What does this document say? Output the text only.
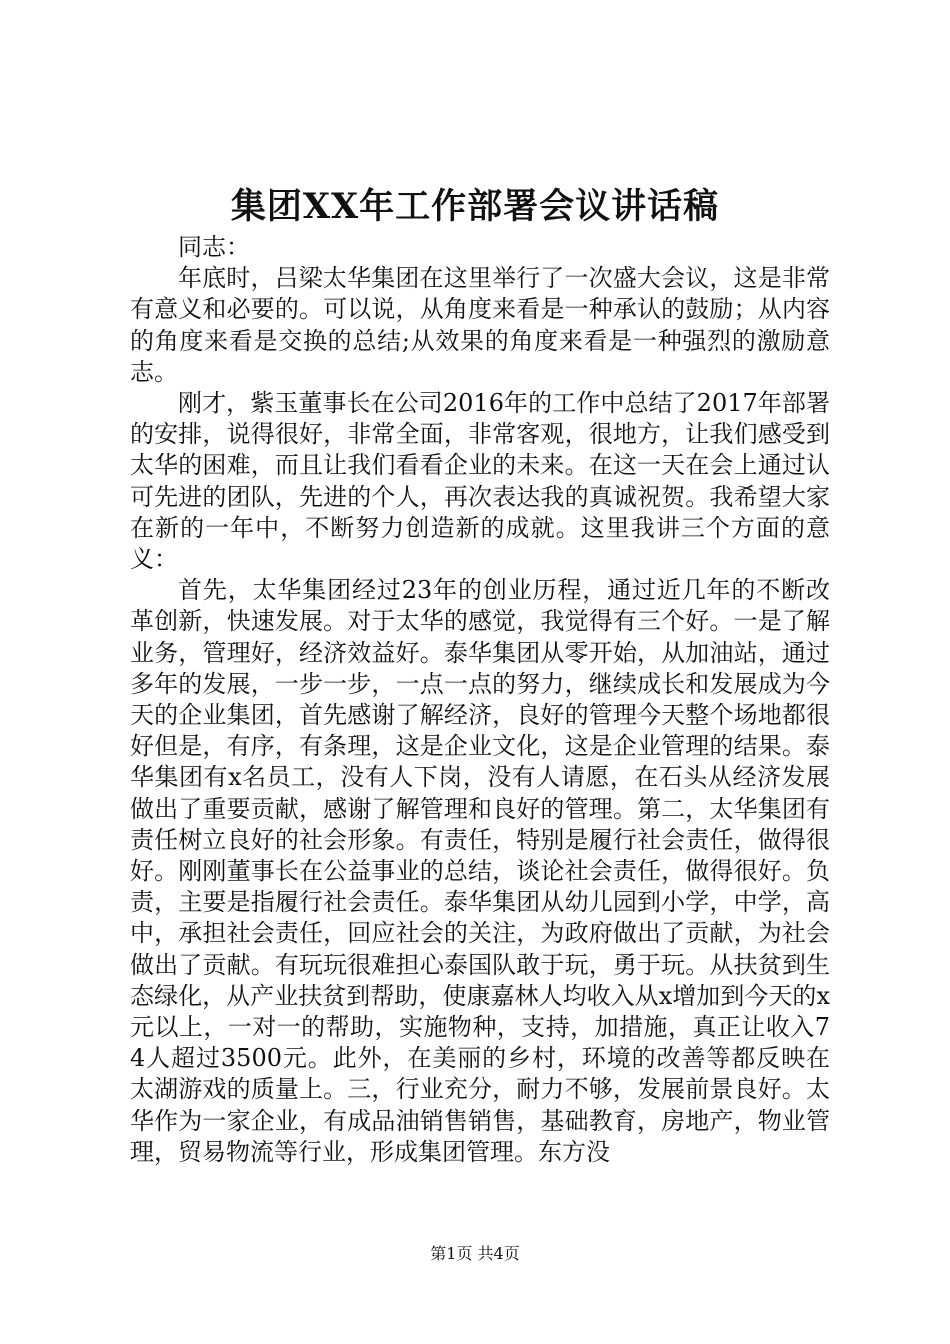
集团XX年工作部署会议讲话稿

同志：

年底时，吕梁太华集团在这里举行了一次盛大会议，这是非常有意义和必要的。可以说，从角度来看是一种承认的鼓励；从内容的角度来看是交换的总结;从效果的角度来看是一种强烈的激励意志。

刚才，紫玉董事长在公司2016年的工作中总结了2017年部署的安排，说得很好，非常全面，非常客观，很地方，让我们感受到太华的困难，而且让我们看看企业的未来。在这一天在会上通过认可先进的团队，先进的个人，再次表达我的真诚祝贺。我希望大家在新的一年中，不断努力创造新的成就。这里我讲三个方面的意义：

首先，太华集团经过23年的创业历程，通过近几年的不断改革创新，快速发展。对于太华的感觉，我觉得有三个好。一是了解业务，管理好，经济效益好。泰华集团从零开始，从加油站，通过多年的发展，一步一步，一点一点的努力，继续成长和发展成为今天的企业集团，首先感谢了解经济，良好的管理今天整个场地都很好但是，有序，有条理，这是企业文化，这是企业管理的结果。泰华集团有x名员工，没有人下岗，没有人请愿，在石头从经济发展做出了重要贡献，感谢了解管理和良好的管理。第二，太华集团有责任树立良好的社会形象。有责任，特别是履行社会责任，做得很好。刚刚董事长在公益事业的总结，谈论社会责任，做得很好。负责，主要是指履行社会责任。泰华集团从幼儿园到小学，中学，高中，承担社会责任，回应社会的关注，为政府做出了贡献，为社会做出了贡献。有玩玩很难担心泰国队敢于玩，勇于玩。从扶贫到生态绿化，从产业扶贫到帮助，使康嘉林人均收入从x增加到今天的x元以上，一对一的帮助，实施物种，支持，加措施，真正让收入74人超过3500元。此外，在美丽的乡村，环境的改善等都反映在太湖游戏的质量上。三，行业充分，耐力不够，发展前景良好。太华作为一家企业，有成品油销售销售，基础教育，房地产，物业管理，贸易物流等行业，形成集团管理。东方没

第1页 共4页
